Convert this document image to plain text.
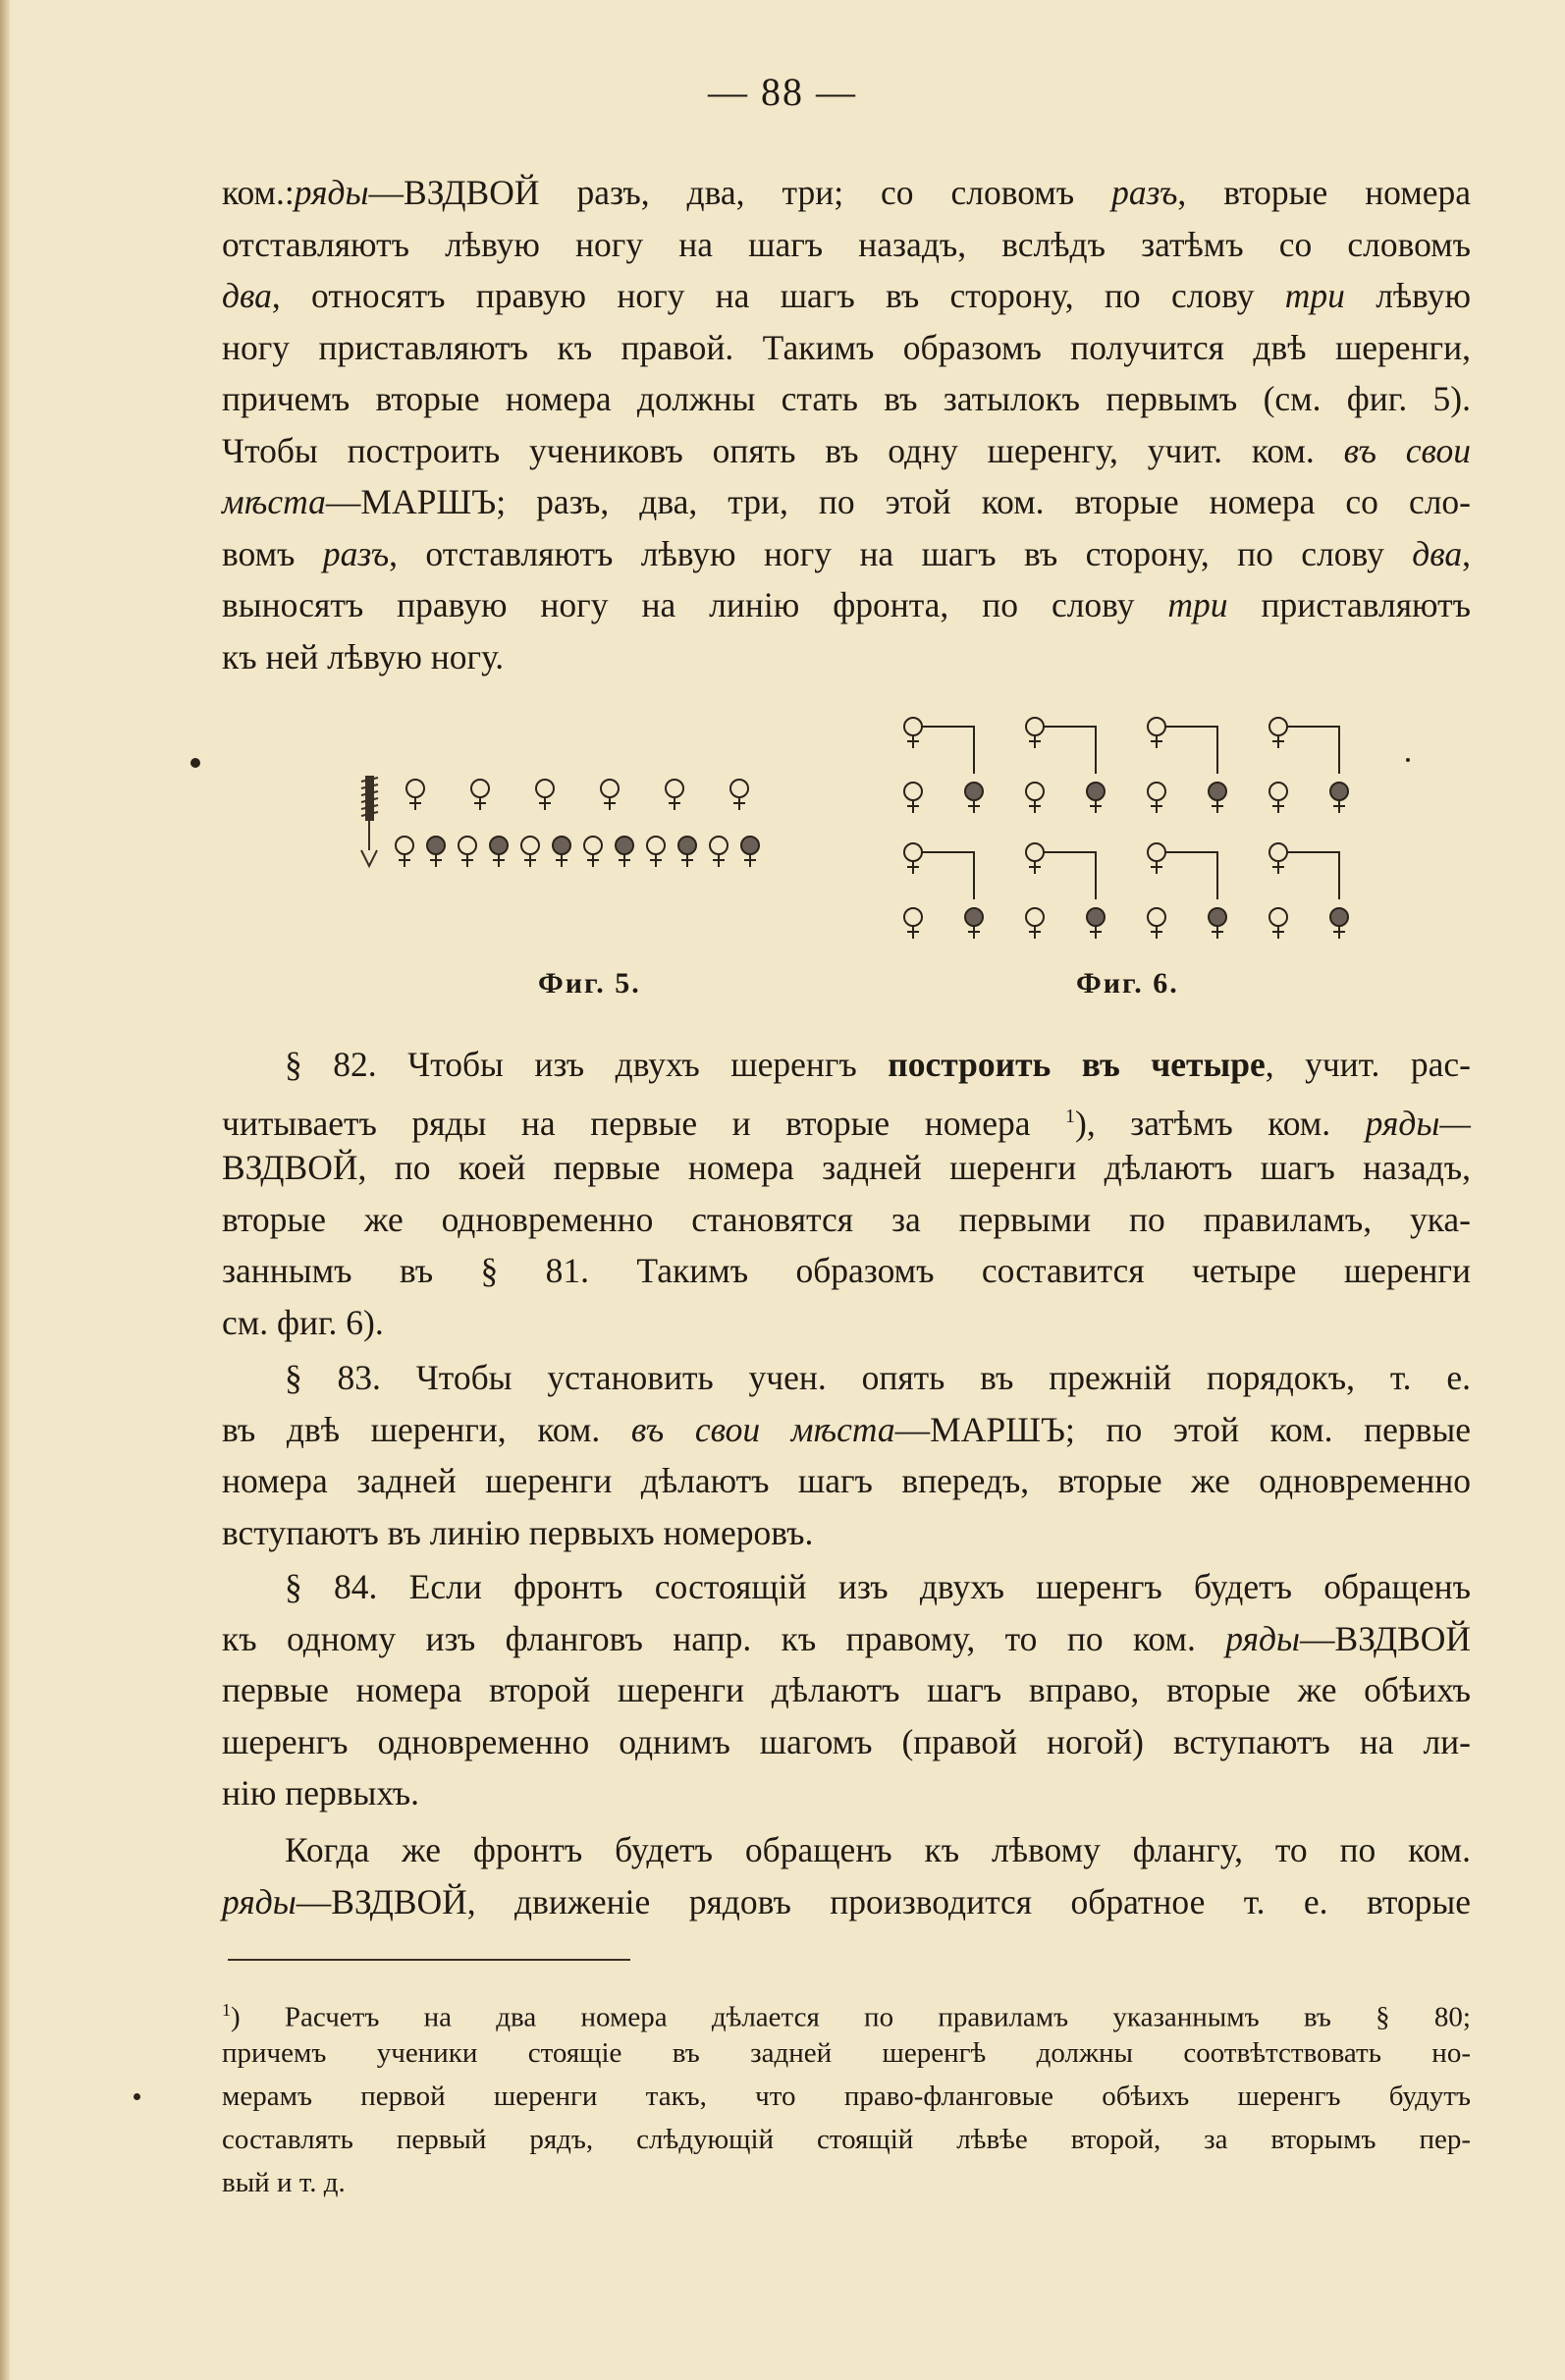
— 88 —
ком.:ряды—ВЗДВОЙ разъ, два, три; со словомъ разъ, вторые номера
отставляютъ лѣвую ногу на шагъ назадъ, вслѣдъ затѣмъ со словомъ
два, относятъ правую ногу на шагъ въ сторону, по слову три лѣвую
ногу приставляютъ къ правой. Такимъ образомъ получится двѣ шеренги,
причемъ вторые номера должны стать въ затылокъ первымъ (см. фиг. 5).
Чтобы построить учениковъ опять въ одну шеренгу, учит. ком. въ свои
мѣста—МАРШЪ; разъ, два, три, по этой ком. вторые номера со сло-
вомъ разъ, отставляютъ лѣвую ногу на шагъ въ сторону, по слову два,
выносятъ правую ногу на линію фронта, по слову три приставляютъ
къ ней лѣвую ногу.
Фиг. 5.	Фиг. 6.
§ 82. Чтобы изъ двухъ шеренгъ построить въ четыре, учит. рас-
читываетъ ряды на первые и вторые номера $^1$), затѣмъ ком. ряды—
ВЗДВОЙ, по коей первые номера задней шеренги дѣлаютъ шагъ назадъ,
вторые же одновременно становятся за первыми по правиламъ, ука-
заннымъ въ § 81. Такимъ образомъ составится четыре шеренги
см. фиг. 6).
§ 83. Чтобы установить учен. опять въ прежній порядокъ, т. е.
въ двѣ шеренги, ком. въ свои мѣста—МАРШЪ; по этой ком. первые
номера задней шеренги дѣлаютъ шагъ впередъ, вторые же одновременно
вступаютъ въ линію первыхъ номеровъ.
§ 84. Если фронтъ состоящій изъ двухъ шеренгъ будетъ обращенъ
къ одному изъ фланговъ напр. къ правому, то по ком. ряды—ВЗДВОЙ
первые номера второй шеренги дѣлаютъ шагъ вправо, вторые же обѣихъ
шеренгъ одновременно однимъ шагомъ (правой ногой) вступаютъ на ли-
нію первыхъ.
Когда же фронтъ будетъ обращенъ къ лѣвому флангу, то по ком.
ряды—ВЗДВОЙ, движеніе рядовъ производится обратное т. е. вторые
$^1$) Расчетъ на два номера дѣлается по правиламъ указаннымъ въ § 80;
причемъ ученики стоящіе въ задней шеренгѣ должны соотвѣтствовать но-
мерамъ первой шеренги такъ, что право-фланговые обѣихъ шеренгъ будутъ
составлять первый рядъ, слѣдующій стоящій лѣвѣе второй, за вторымъ пер-
вый и т. д.
